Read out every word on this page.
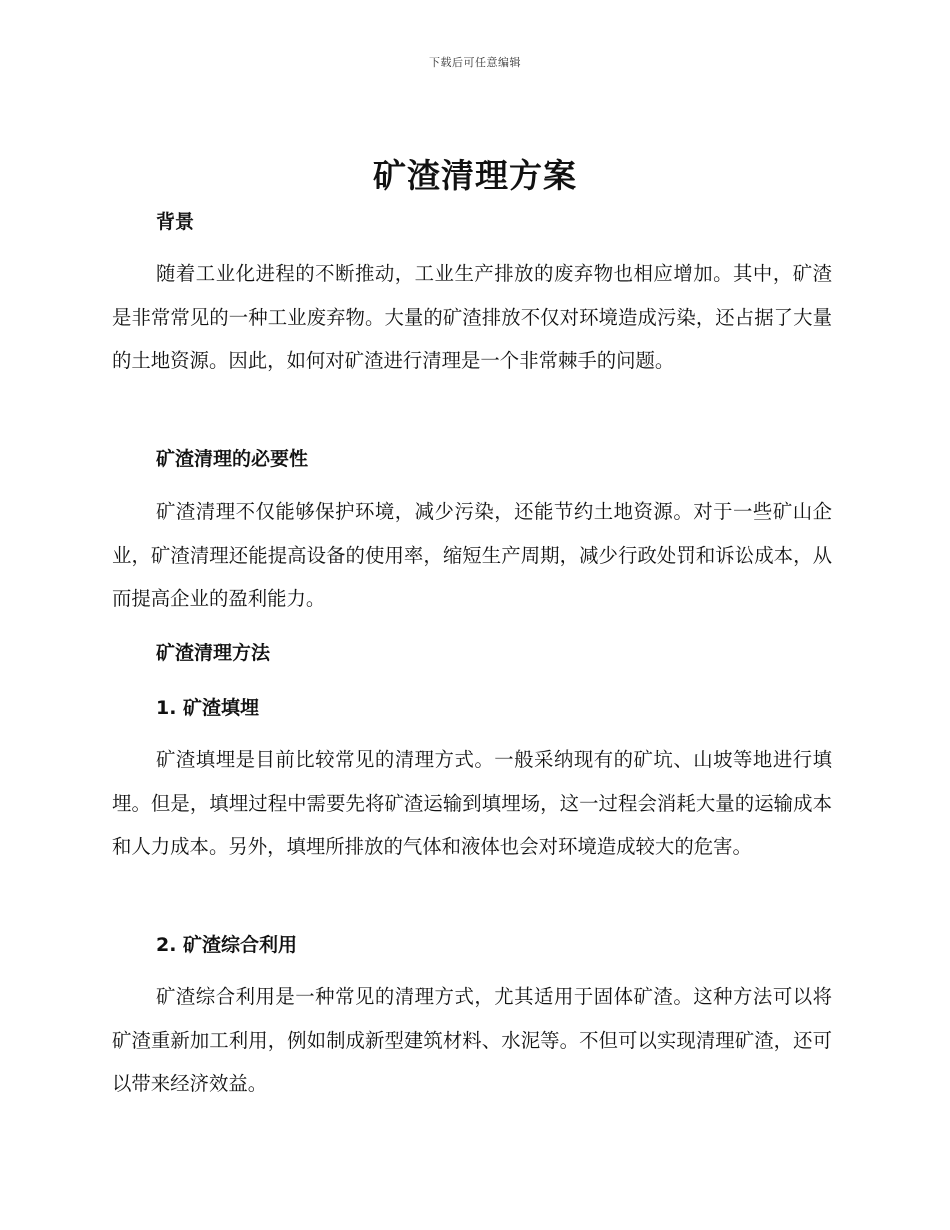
下载后可任意编辑
矿渣清理方案
背景

随着工业化进程的不断推动，工业生产排放的废弃物也相应增加。其中，矿渣是非常常见的一种工业废弃物。大量的矿渣排放不仅对环境造成污染，还占据了大量的土地资源。因此，如何对矿渣进行清理是一个非常棘手的问题。

矿渣清理的必要性

矿渣清理不仅能够保护环境，减少污染，还能节约土地资源。对于一些矿山企业，矿渣清理还能提高设备的使用率，缩短生产周期，减少行政处罚和诉讼成本，从而提高企业的盈利能力。

矿渣清理方法
1. 矿渣填埋

矿渣填埋是目前比较常见的清理方式。一般采纳现有的矿坑、山坡等地进行填埋。但是，填埋过程中需要先将矿渣运输到填埋场，这一过程会消耗大量的运输成本和人力成本。另外，填埋所排放的气体和液体也会对环境造成较大的危害。

2. 矿渣综合利用

矿渣综合利用是一种常见的清理方式，尤其适用于固体矿渣。这种方法可以将矿渣重新加工利用，例如制成新型建筑材料、水泥等。不但可以实现清理矿渣，还可以带来经济效益。
